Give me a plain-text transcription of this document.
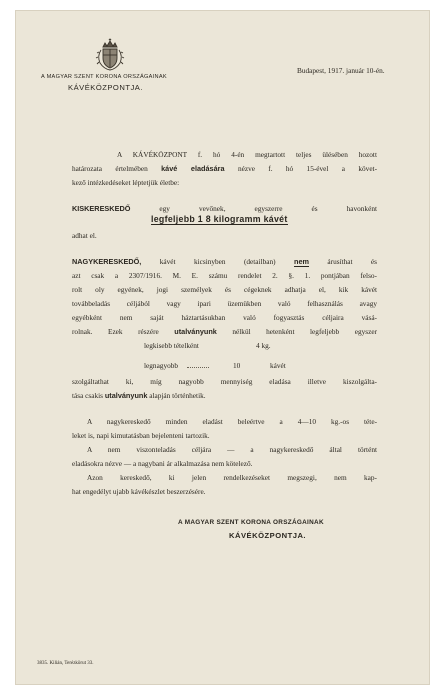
A MAGYAR SZENT KORONA ORSZÁGAINAK
KÁVÉKÖZPONTJA.
Budapest, 1917. január 10-én.

A KÁVÉKÖZPONT f. hó 4-én megtartott teljes ülésében hozott

határozata értelmében kávé eladására nézve f. hó 15-ével a követ-

kező intézkedéseket léptetjük életbe:

KISKERESKEDŐ	egy vevőnek, egyszerre és havonként

legfeljebb 1 8 kilogramm kávét

adhat el.

NAGYKERESKEDŐ,	kávét kicsinyben (detailban)	nem	árusíthat és

azt csak a 2307/1916. M. E. számu rendelet 2. §. 1. pontjában felso-

rolt oly egyének, jogi személyek és cégeknek adhatja el, kik kávét

továbbeladás céljából vagy ipari üzemükben való felhasználás avagy

egyébként nem saját háztartásukban való fogyasztás céljaira vásá-

rolnak. Ezek részére utalványunk nélkül hetenként legfeljebb egyszer

legkisebb tételként	4 kg.

legnagyobb	10	kávét

szolgáltathat ki, míg nagyobb mennyiség eladása illetve kiszolgálta-

tása csakis utalványunk alapján történhetik.

A nagykereskedő minden eladást beleértve a 4—10 kg.-os téte-

leket is, napi kimutatásban bejelenteni tartozik.

A nem viszonteladás céljára — a nagykereskedő által történt

eladásokra nézve — a nagybani ár alkalmazása nem kötelező.

Azon kereskedő, ki jelen rendelkezéseket megszegi, nem kap-

hat engedélyt ujabb kávékészlet beszerzésére.

A MAGYAR SZENT KORONA ORSZÁGAINAK
KÁVÉKÖZPONTJA.
3835. Kilián, Terézkörut 33.
